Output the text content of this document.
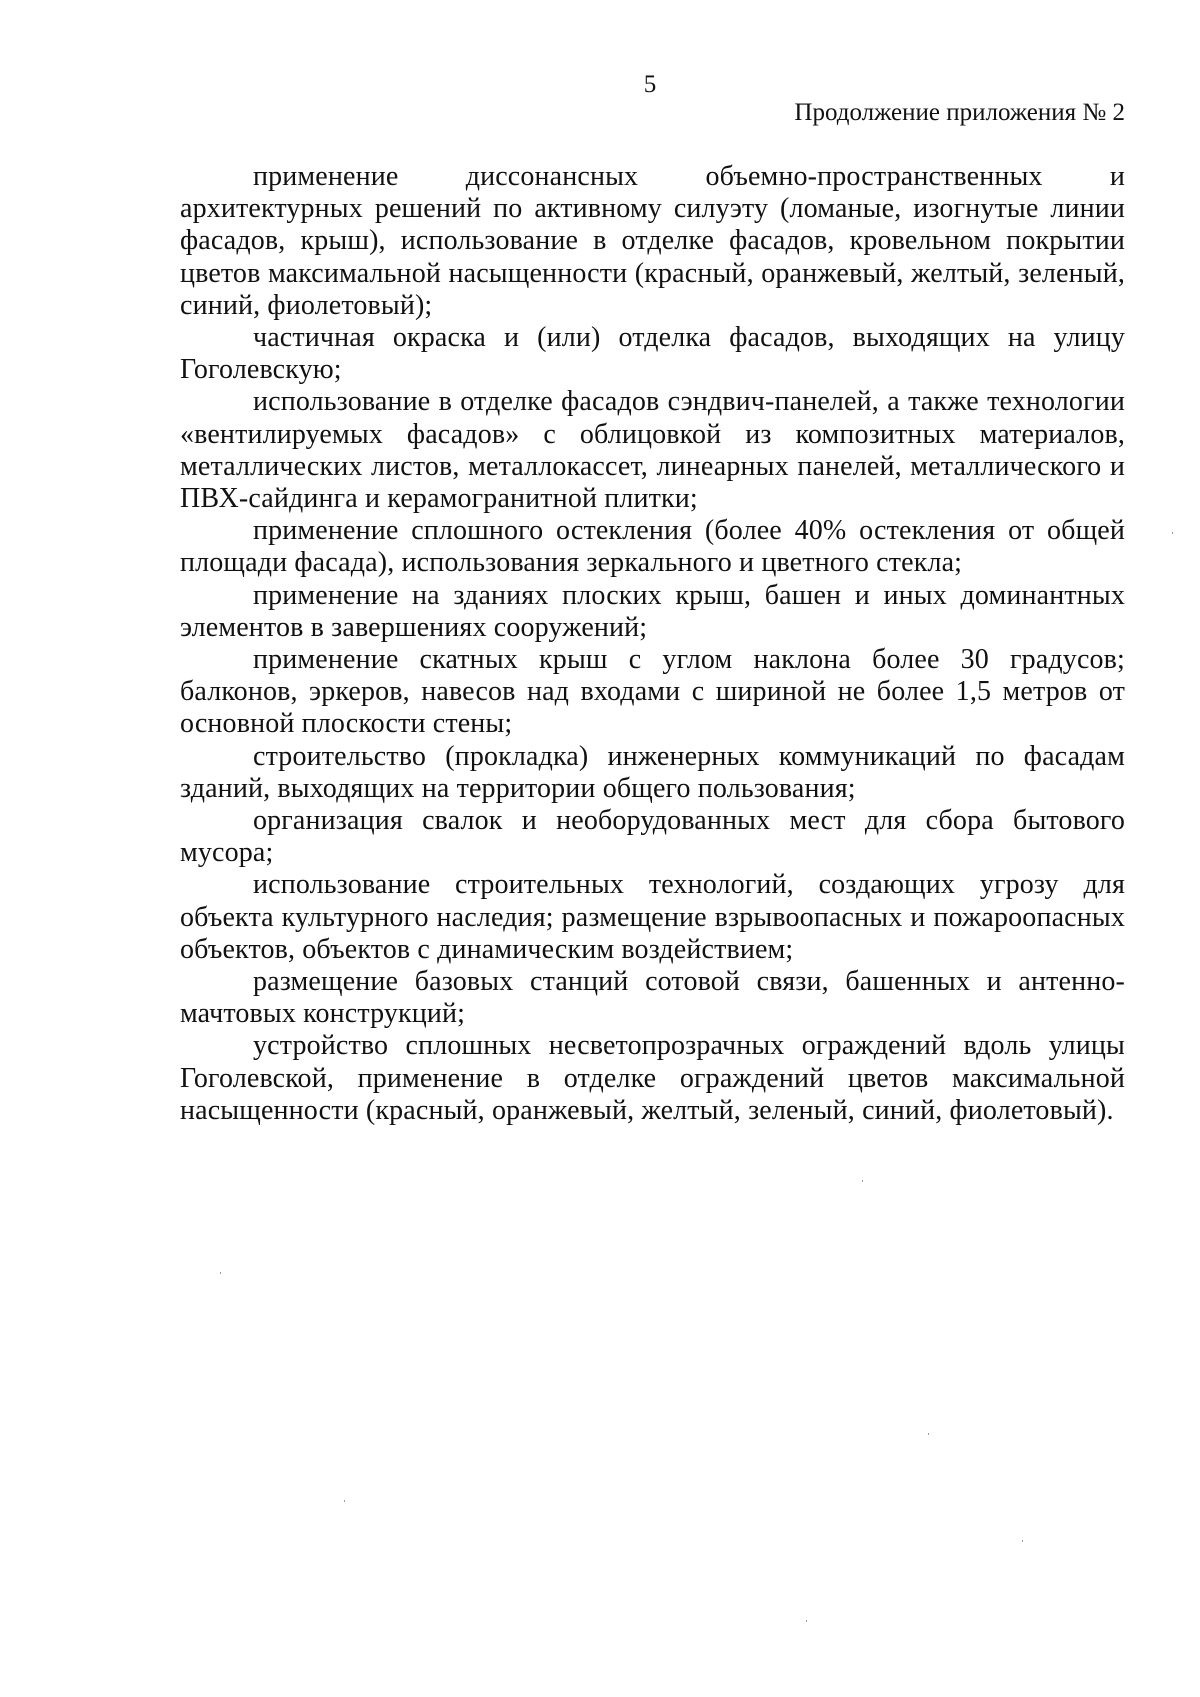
5
Продолжение приложения № 2

применение диссонансных объемно-пространственных и архитектурных решений по активному силуэту (ломаные, изогнутые линии фасадов, крыш), использование в отделке фасадов, кровельном покрытии цветов максимальной насыщенности (красный, оранжевый, желтый, зеленый, синий, фиолетовый);

частичная окраска и (или) отделка фасадов, выходящих на улицу Гоголевскую;

использование в отделке фасадов сэндвич-панелей, а также технологии «вентилируемых фасадов» с облицовкой из композитных материалов, металлических листов, металлокассет, линеарных панелей, металлического и ПВХ-сайдинга и керамогранитной плитки;

применение сплошного остекления (более 40% остекления от общей площади фасада), использования зеркального и цветного стекла;

применение на зданиях плоских крыш, башен и иных доминантных элементов в завершениях сооружений;

применение скатных крыш с углом наклона более 30 градусов; балконов, эркеров, навесов над входами с шириной не более 1,5 метров от основной плоскости стены;

строительство (прокладка) инженерных коммуникаций по фасадам зданий, выходящих на территории общего пользования;

организация свалок и необорудованных мест для сбора бытового мусора;

использование строительных технологий, создающих угрозу для объекта культурного наследия; размещение взрывоопасных и пожароопасных объектов, объектов с динамическим воздействием;

размещение базовых станций сотовой связи, башенных и антенно-мачтовых конструкций;

устройство сплошных несветопрозрачных ограждений вдоль улицы Гоголевской, применение в отделке ограждений цветов максимальной насыщенности (красный, оранжевый, желтый, зеленый, синий, фиолетовый).
